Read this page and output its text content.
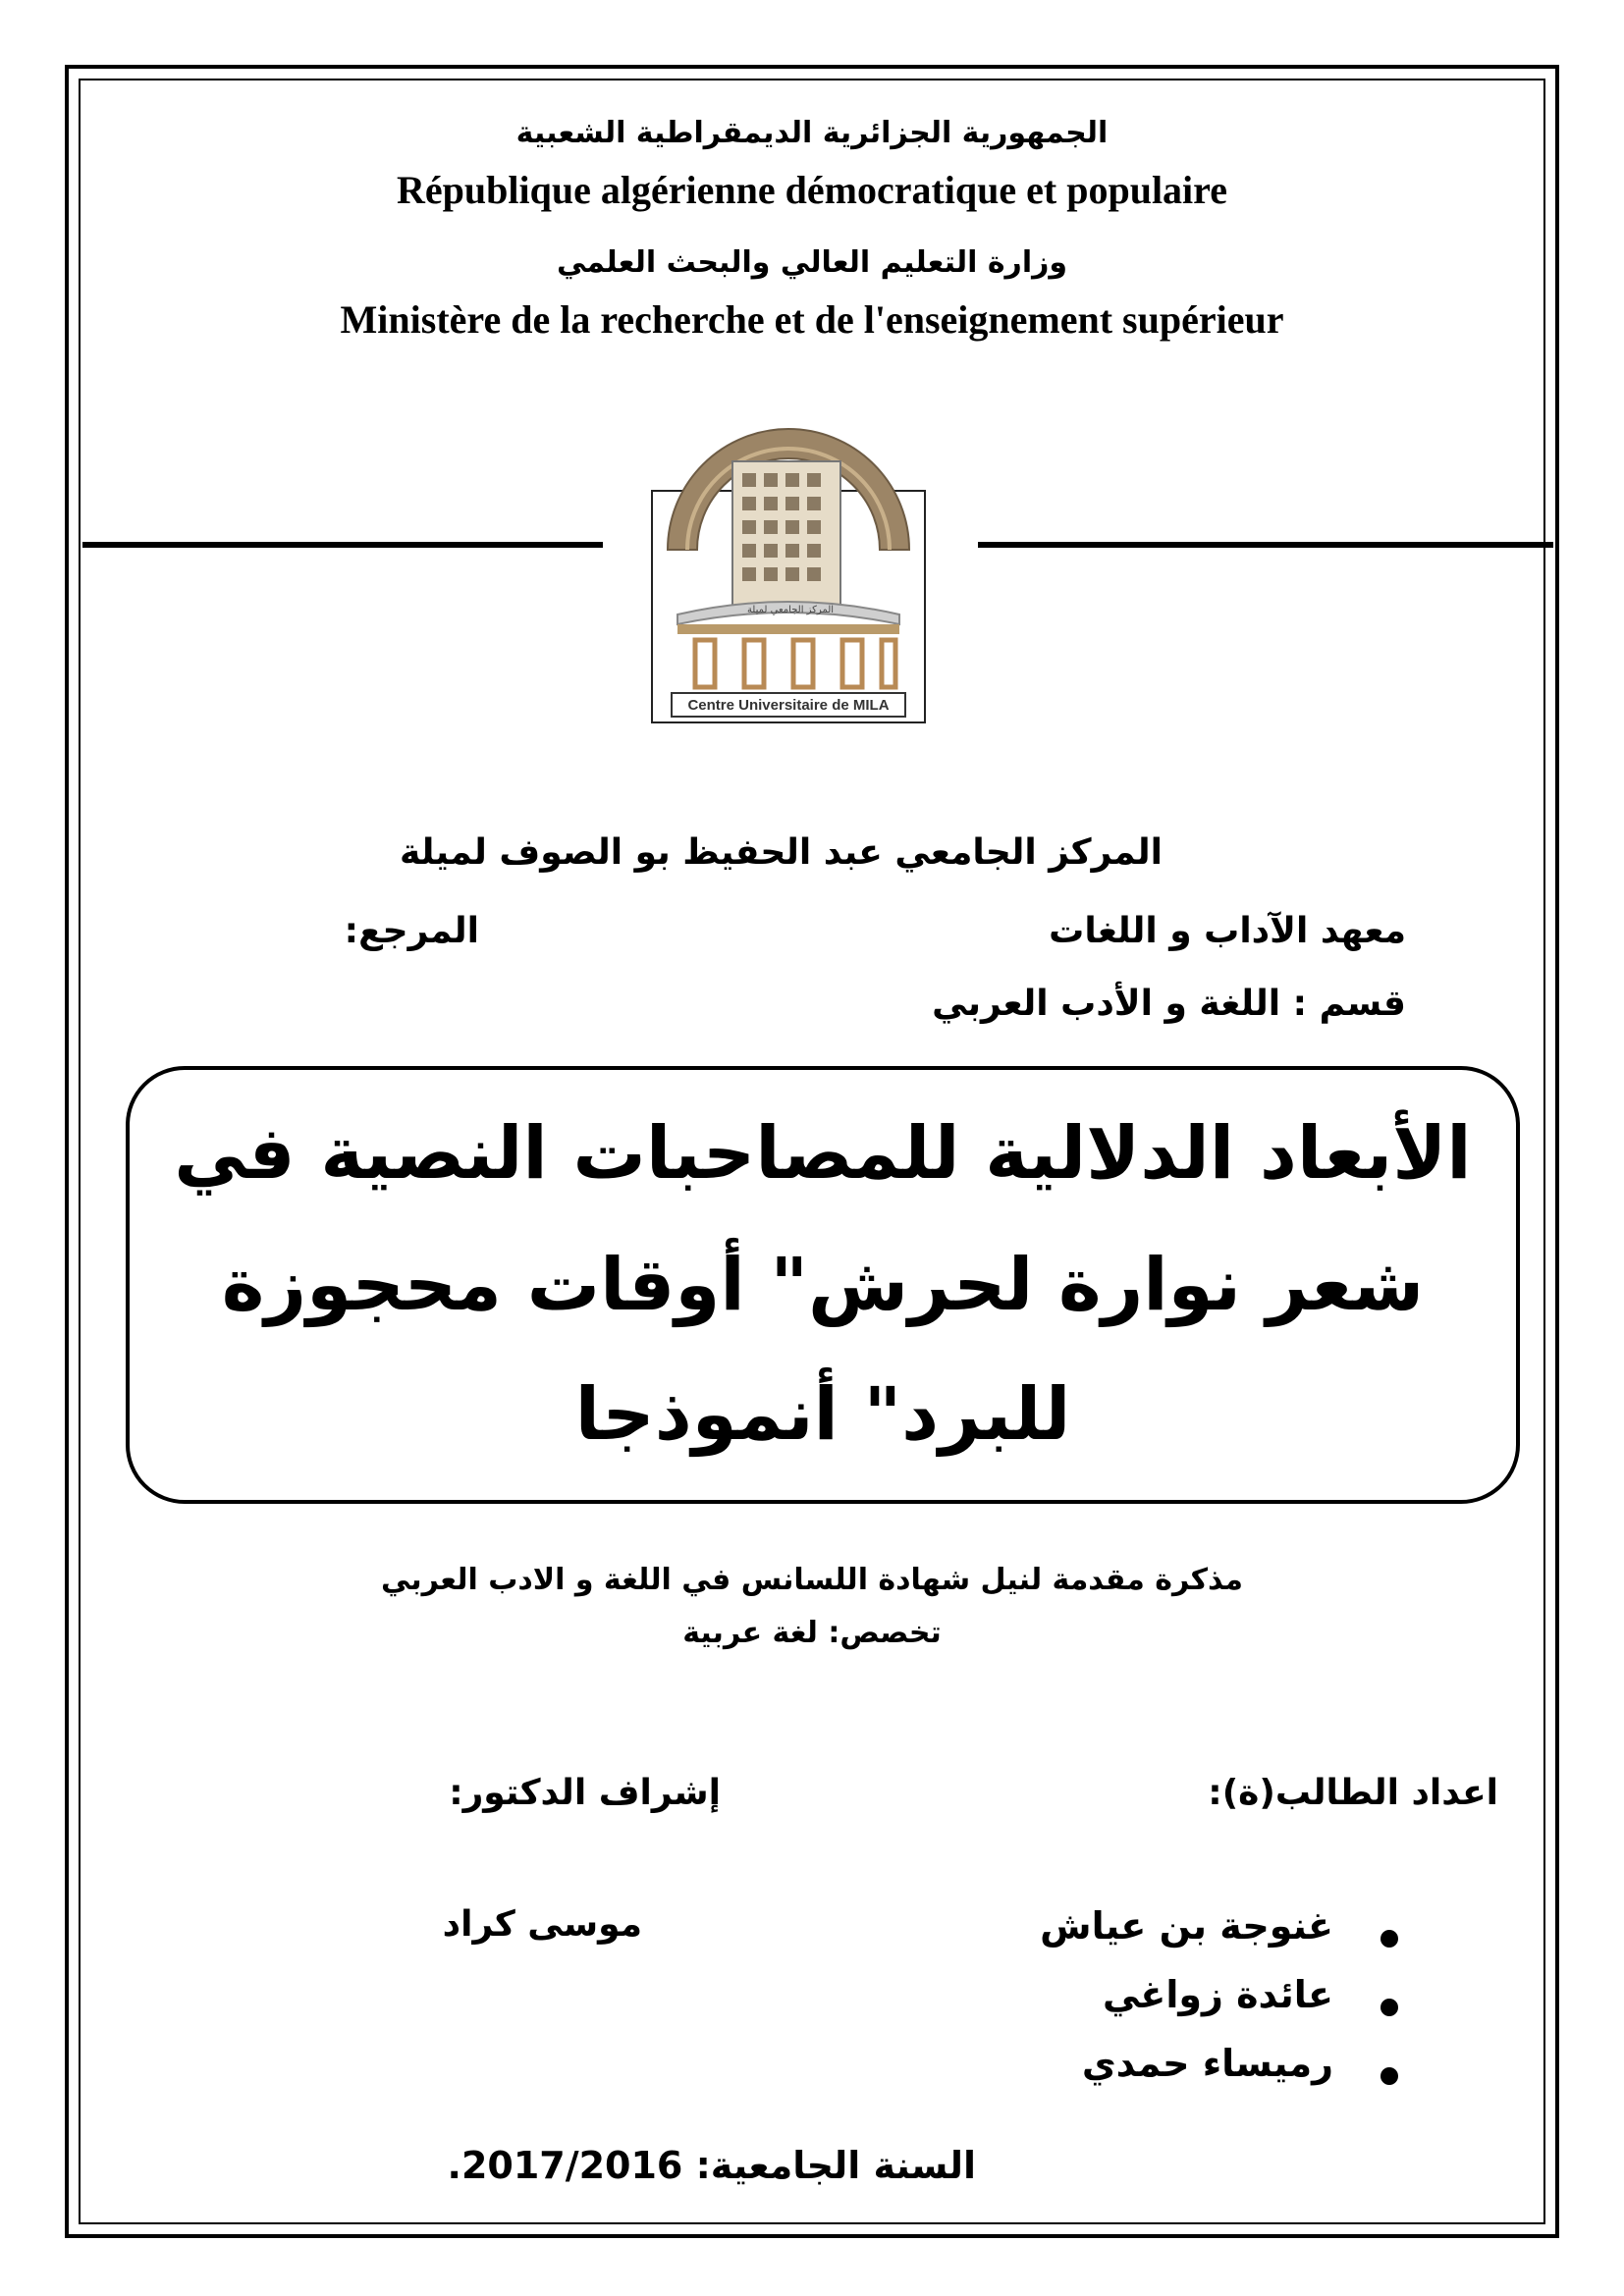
الجمهورية الجزائرية الديمقراطية الشعبية
République algérienne démocratique et populaire
وزارة التعليم العالي والبحث العلمي
Ministère de la recherche et de l'enseignement supérieur
المركز الجامعي لميلة
Centre Universitaire de MILA
المركز الجامعي عبد الحفيظ بو الصوف لميلة
معهد الآداب و اللغات
المرجع:
قسم : اللغة و الأدب العربي
الأبعاد الدلالية للمصاحبات النصية في
شعر نوارة لحرش" أوقات محجوزة
للبرد" أنموذجا
مذكرة مقدمة لنيل شهادة اللسانس في اللغة و الادب العربي
تخصص: لغة عربية
اعداد الطالب(ة):
إشراف الدكتور:
غنوجة بن عياش
عائدة زواغي
رميساء حمدي
موسى كراد
السنة الجامعية: 2017/2016.
